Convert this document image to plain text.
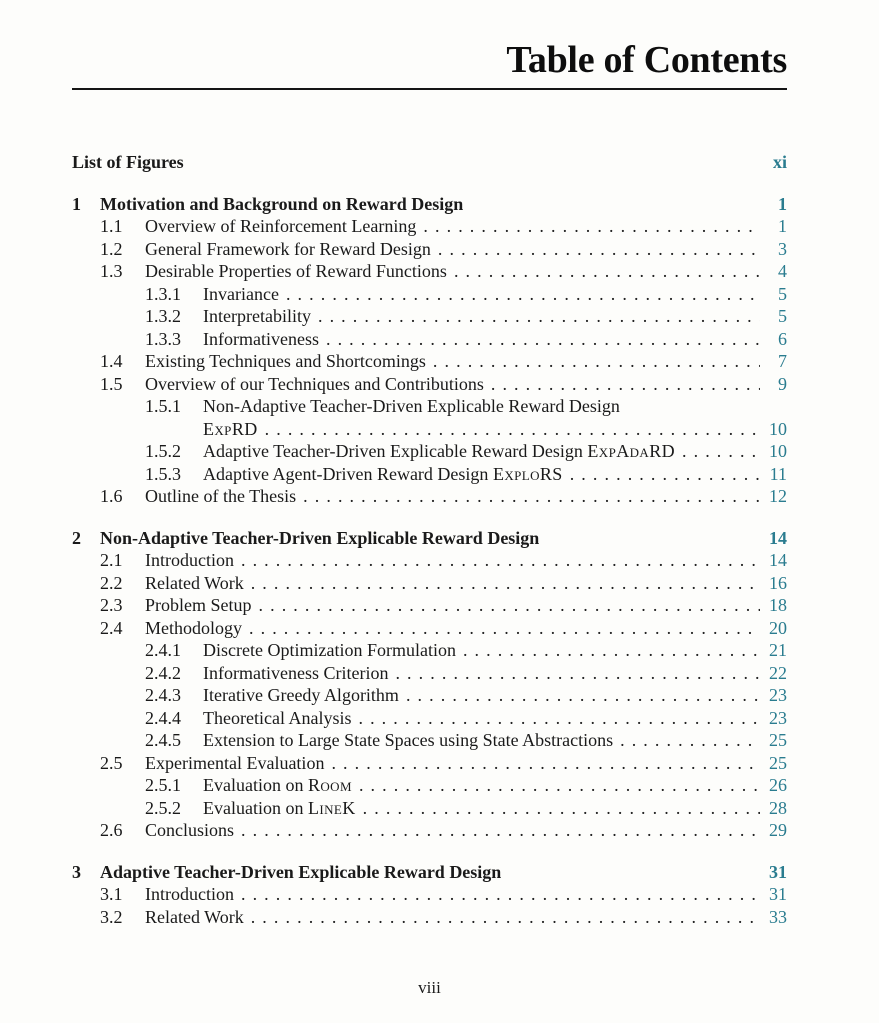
Table of Contents
List of Figures	xi
1	Motivation and Background on Reward Design	1
1.1	Overview of Reinforcement Learning . . .	1
1.2	General Framework for Reward Design . . .	3
1.3	Desirable Properties of Reward Functions . . .	4
1.3.1	Invariance . . .	5
1.3.2	Interpretability . . .	5
1.3.3	Informativeness . . .	6
1.4	Existing Techniques and Shortcomings . . .	7
1.5	Overview of our Techniques and Contributions . . .	9
1.5.1	Non-Adaptive Teacher-Driven Explicable Reward Design
ExpRD . . .	10
1.5.2	Adaptive Teacher-Driven Explicable Reward Design ExpAdaRD . . .	10
1.5.3	Adaptive Agent-Driven Reward Design ExploRS . . .	11
1.6	Outline of the Thesis . . .	12
2	Non-Adaptive Teacher-Driven Explicable Reward Design	14
2.1	Introduction . . .	14
2.2	Related Work . . .	16
2.3	Problem Setup . . .	18
2.4	Methodology . . .	20
2.4.1	Discrete Optimization Formulation . . .	21
2.4.2	Informativeness Criterion . . .	22
2.4.3	Iterative Greedy Algorithm . . .	23
2.4.4	Theoretical Analysis . . .	23
2.4.5	Extension to Large State Spaces using State Abstractions . . .	25
2.5	Experimental Evaluation . . .	25
2.5.1	Evaluation on Room . . .	26
2.5.2	Evaluation on LineK . . .	28
2.6	Conclusions . . .	29
3	Adaptive Teacher-Driven Explicable Reward Design	31
3.1	Introduction . . .	31
3.2	Related Work . . .	33
viii
